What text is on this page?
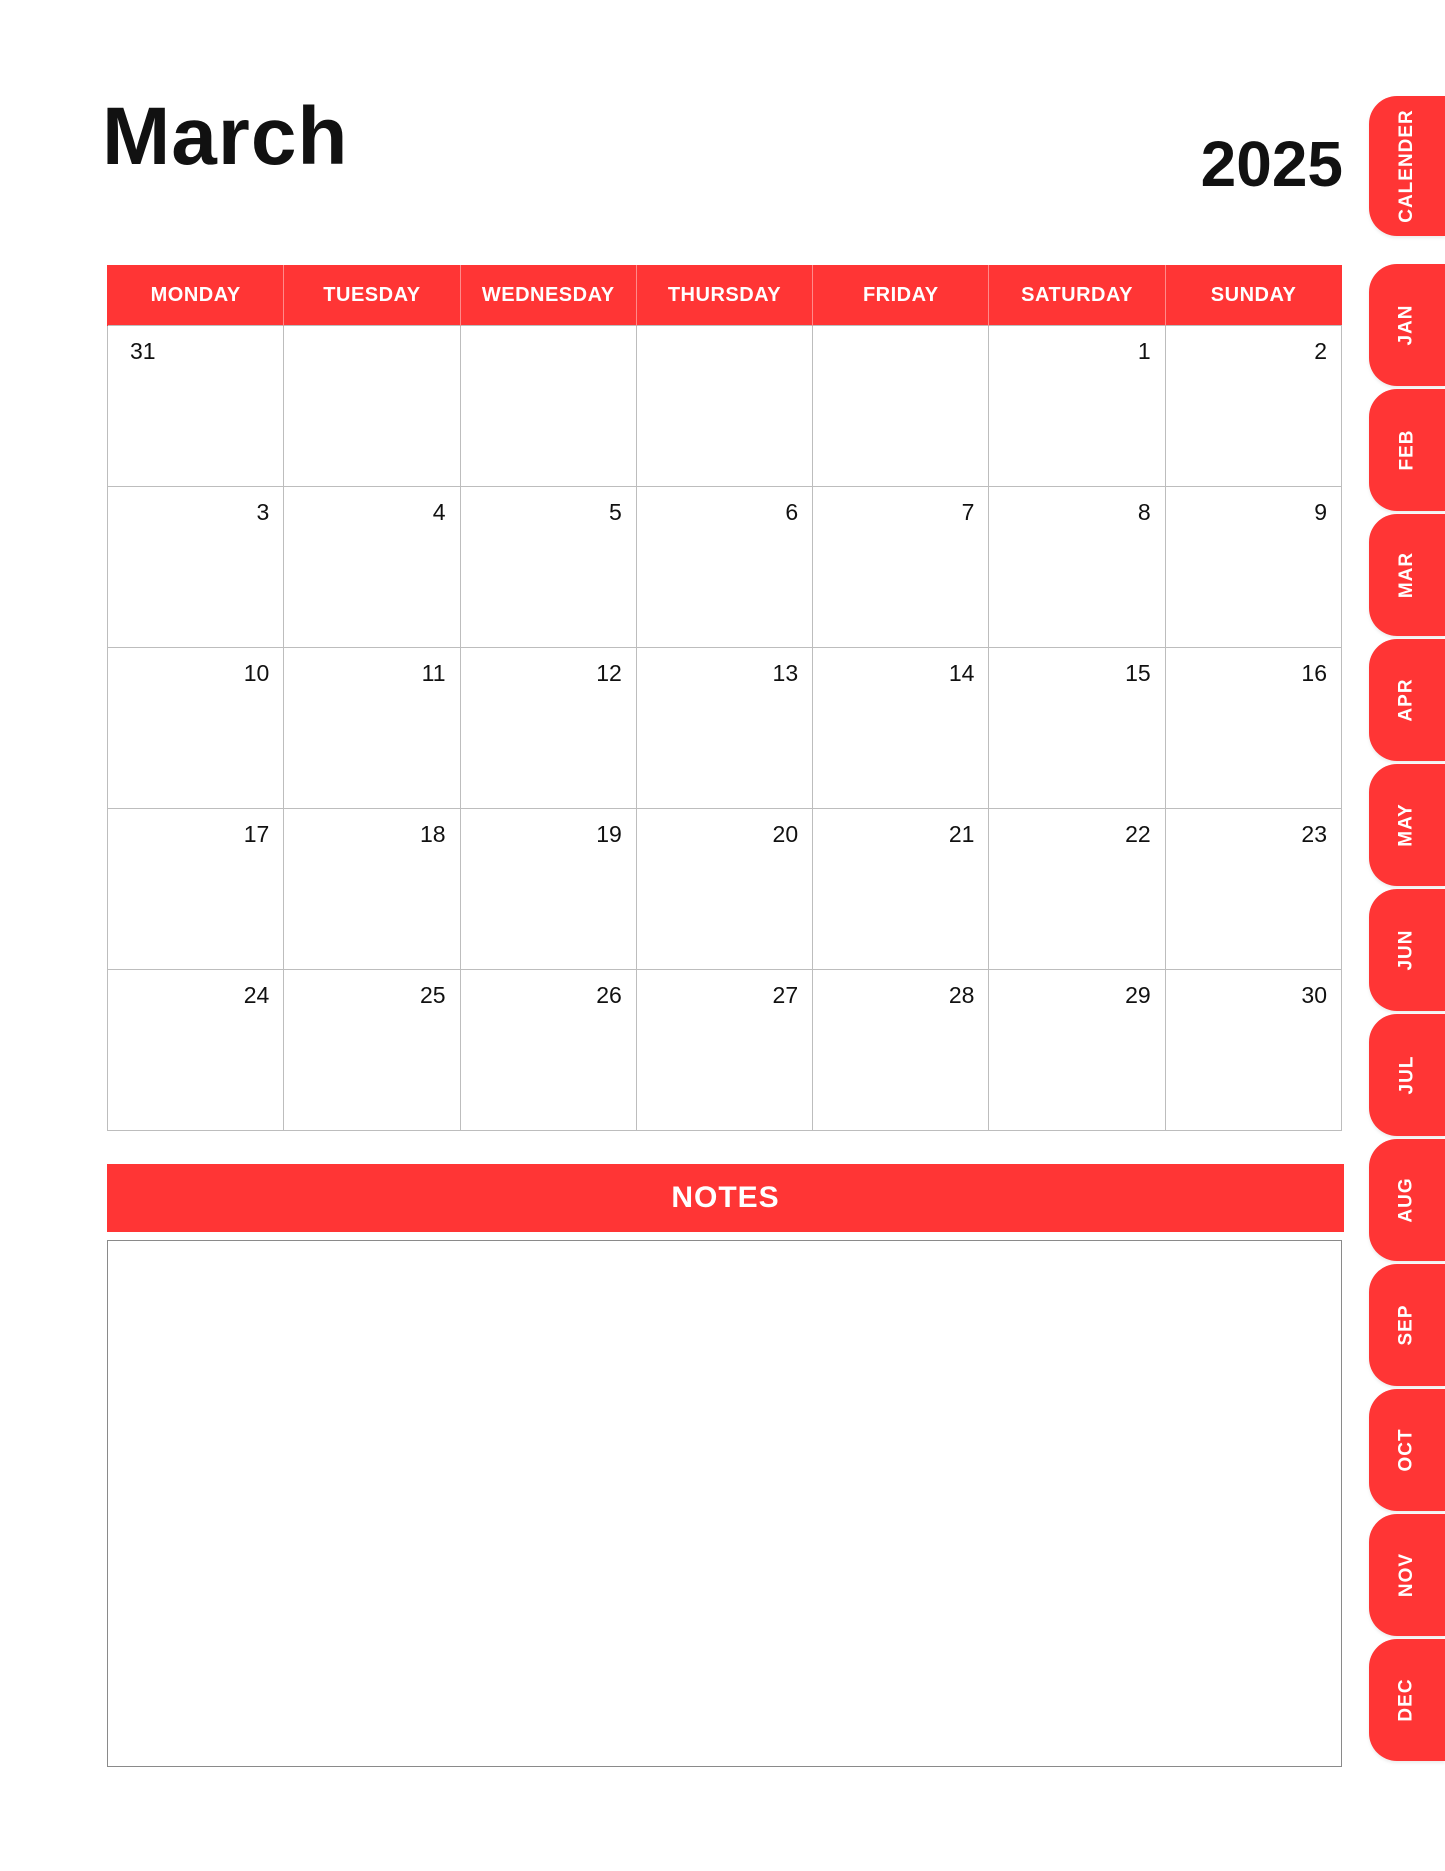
March	2025
MONDAY	TUESDAY	WEDNESDAY	THURSDAY	FRIDAY	SATURDAY	SUNDAY

31					1	2

3	4	5	6	7	8	9

10	11	12	13	14	15	16

17	18	19	20	21	22	23

24	25	26	27	28	29	30
NOTES
CALENDER
JAN
FEB
MAR
APR
MAY
JUN
JUL
AUG
SEP
OCT
NOV
DEC
